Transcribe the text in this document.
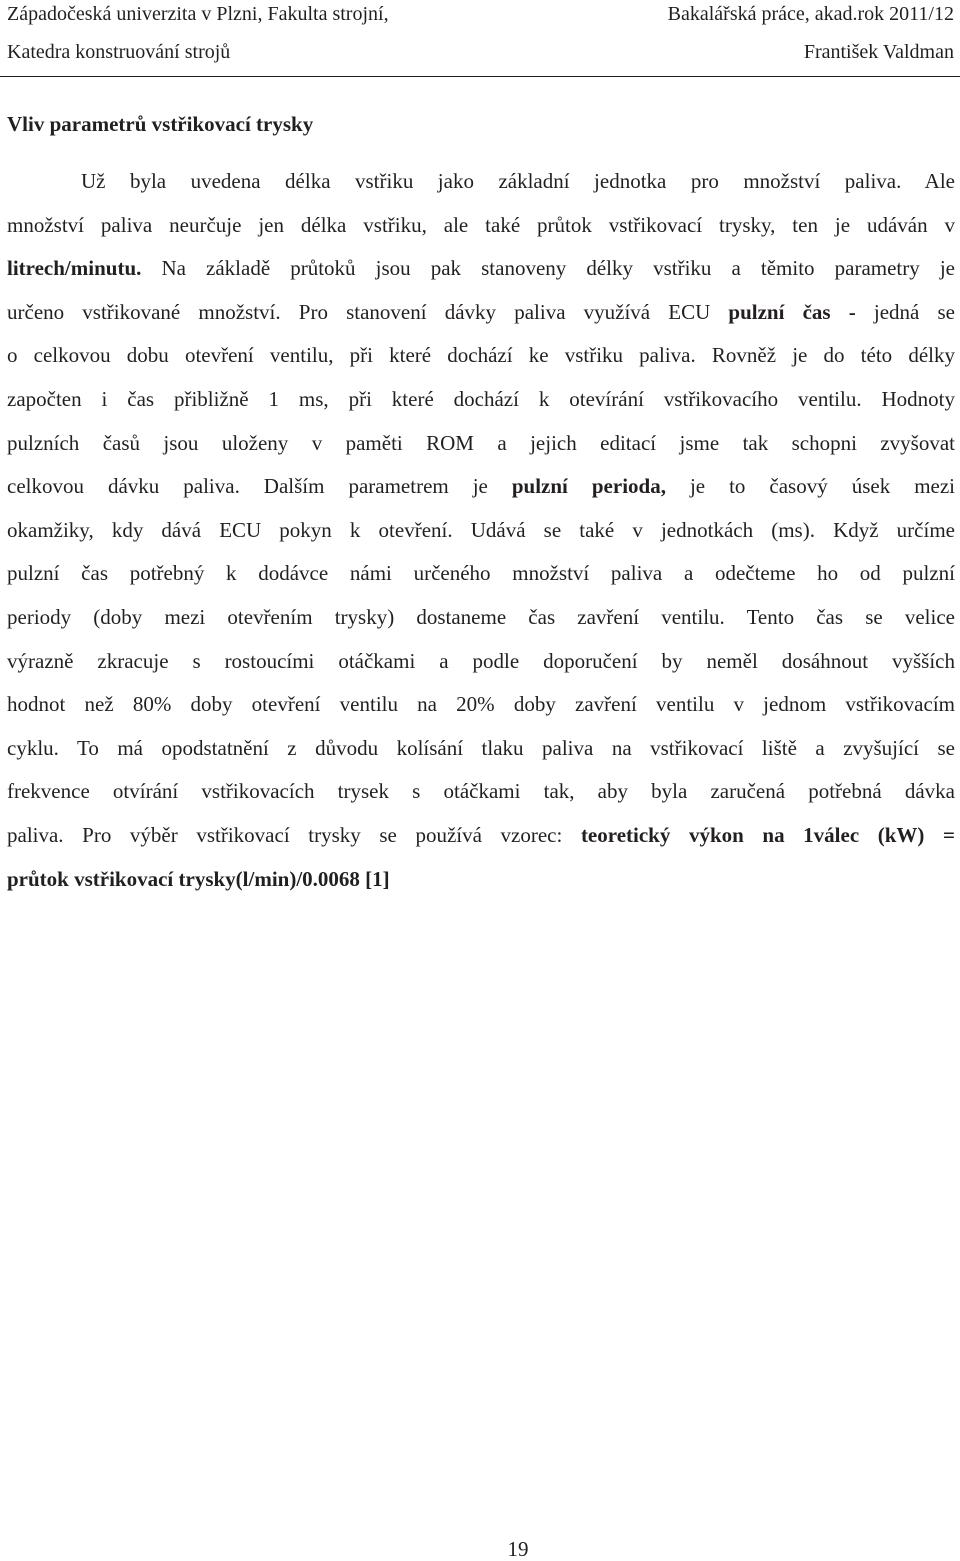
Západočeská univerzita v Plzni, Fakulta strojní,	Bakalářská práce, akad.rok 2011/12
Katedra konstruování strojů	František Valdman
Vliv parametrů vstřikovací trysky
Už byla uvedena délka vstřiku jako základní jednotka pro množství paliva. Ale
množství paliva neurčuje jen délka vstřiku, ale také průtok vstřikovací trysky, ten je udáván v
litrech/minutu. Na základě průtoků jsou pak stanoveny délky vstřiku a těmito parametry je
určeno vstřikované množství. Pro stanovení dávky paliva využívá ECU pulzní čas - jedná se
o celkovou dobu otevření ventilu, při které dochází ke vstřiku paliva. Rovněž je do této délky
započten i čas přibližně 1 ms, při které dochází k otevírání vstřikovacího ventilu. Hodnoty
pulzních časů jsou uloženy v paměti ROM a jejich editací jsme tak schopni zvyšovat
celkovou dávku paliva. Dalším parametrem je pulzní perioda, je to časový úsek mezi
okamžiky, kdy dává ECU pokyn k otevření. Udává se také v jednotkách (ms). Když určíme
pulzní čas potřebný k dodávce námi určeného množství paliva a odečteme ho od pulzní
periody (doby mezi otevřením trysky) dostaneme čas zavření ventilu. Tento čas se velice
výrazně zkracuje s rostoucími otáčkami a podle doporučení by neměl dosáhnout vyšších
hodnot než 80% doby otevření ventilu na 20% doby zavření ventilu v jednom vstřikovacím
cyklu. To má opodstatnění z důvodu kolísání tlaku paliva na vstřikovací liště a zvyšující se
frekvence otvírání vstřikovacích trysek s otáčkami tak, aby byla zaručená potřebná dávka
paliva. Pro výběr vstřikovací trysky se používá vzorec: teoretický výkon na 1válec (kW) =
průtok vstřikovací trysky(l/min)/0.0068 [1]
19
